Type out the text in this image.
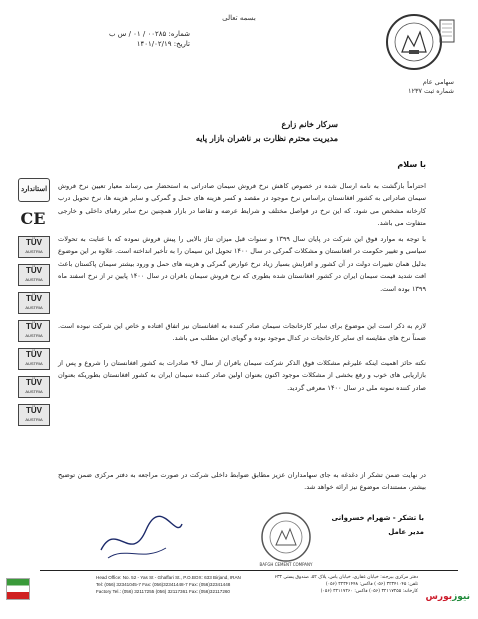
بسمه تعالی
شماره: ۰۰۲۸۵ / ۰۱ / س ب
تاریخ: ۱۴۰۱/۰۲/۱۹
سهامی عام
شماره ثبت ۱۲۳۷
سرکار خانم زارع
مدیریت محترم نظارت بر ناشران بازار پایه
با سلام
احتراماً بازگشت به نامه ارسال شده در خصوص کاهش نرخ فروش سیمان صادراتی به استحضار می رساند معیار تعیین نرخ فروش سیمان صادراتی به کشور افغانستان براساس نرخ موجود در مقصد و کسر هزینه های حمل و گمرکی و سایر هزینه ها، نرخ تحویل درب کارخانه مشخص می شود. که این نرخ در فواصل مختلف و شرایط عرضه و تقاضا در بازار همچنین نرخ سایر رقبای داخلی و خارجی متفاوت می باشد.
با توجه به موارد فوق این شرکت در پایان سال ۱۳۹۹ و سنوات قبل میزان تناژ بالایی را پیش فروش نموده که با عنایت به تحولات سیاسی و تغییر حکومت در افغانستان و مشکلات گمرکی در سال ۱۴۰۰ تحویل این سیمان را به تأخیر انداخته است. علاوه بر این موضوع بدلیل همان تغییرات دولت در آن کشور و افزایش بسیار زیاد نرخ عوارض گمرکی و هزینه های حمل و ورود بیشتر سیمان پاکستان باعث افت شدید قیمت سیمان ایران در کشور افغانستان شده بطوری که نرخ فروش سیمان بافران در سال ۱۴۰۰ پایین تر از نرخ اسفند ماه ۱۳۹۹ بوده است.
لازم به ذکر است این موضوع برای سایر کارخانجات سیمان صادر کننده به افغانستان نیز اتفاق افتاده و خاص این شرکت نبوده است. ضمناً نرخ های مقایسه ای سایر کارخانجات در کدال موجود بوده و گویای این مطلب می باشد.
نکته حائز اهمیت اینکه علیرغم مشکلات فوق الذکر شرکت سیمان بافران از سال ۹۶ صادرات به کشور افغانستان را شروع و پس از بازاریابی های خوب و رفع بخشی از مشکلات موجود اکنون بعنوان اولین صادر کننده سیمان ایران به کشور افغانستان بطوریکه بعنوان صادر کننده نمونه ملی در سال ۱۴۰۰ معرفی گردید.
در نهایت ضمن تشکر از دغدغه به جای سهامداران عزیز مطابق ضوابط داخلی شرکت در صورت مراجعه به دفتر مرکزی ضمن توضیح بیشتر، مستندات موضوع نیز ارائه خواهد شد.
استاندارد
CE
TÜV
AUSTRIA
TÜV
AUSTRIA
TÜV
AUSTRIA
TÜV
AUSTRIA
TÜV
AUSTRIA
TÜV
AUSTRIA
TÜV
AUSTRIA
BAFGH CEMENT COMPANY
با تشکر - شهرام خسروانی
مدیر عامل
Head Office: No. 52 - Yas St - Ghaffari St., P.O.BOX: 633 Birjand, IRAN
Tel: (056) 32341045-7 Fax: (056)32341448-7 Fax: (056)32341448
Factory Tel.: (056) 32117255 (056) 32117361 Fax: (056)32117260
دفتر مرکزی بیرجند: خیابان غفاری، خیابان یاس، پلاک ۵۲، صندوق پستی ۶۳۳
تلفن: ۳۲۳۴۱۰۴۵ (۰۵۶) فاکس: ۳۲۳۴۱۴۴۸ (۰۵۶)
کارخانه: ۳۲۱۱۷۲۵۵ (۰۵۶) فاکس: ۳۲۱۱۷۲۶۰ (۰۵۶)
نیوزبورس
